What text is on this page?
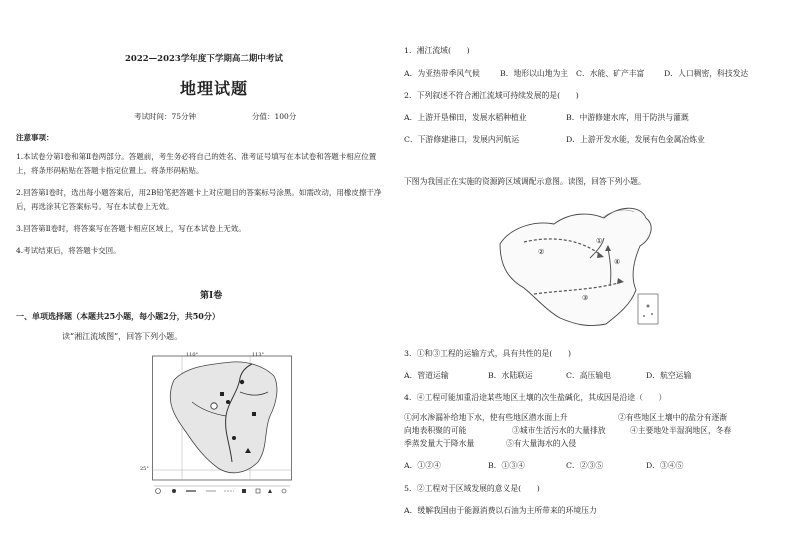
2022—2023学年度下学期高二期中考试
地理试题
考试时间：75分钟	分值：100分
注意事项：
1.本试卷分第Ⅰ卷和第Ⅱ卷两部分。答题前，考生务必将自己的姓名、准考证号填写在本试卷和答题卡相应位置上，将条形码粘贴在答题卡指定位置上。将条形码粘贴。
2.回答第Ⅰ卷时，选出每小题答案后，用2B铅笔把答题卡上对应题目的答案标号涂黑。如需改动，用橡皮擦干净后，再选涂其它答案标号。写在本试卷上无效。
3.回答第Ⅱ卷时，将答案写在答题卡相应区域上，写在本试卷上无效。
4.考试结束后，将答题卡交回。
第Ⅰ卷
一、单项选择题（本题共25小题，每小题2分，共50分）
读“湘江流域图”，回答下列小题。
110°	113°
25°
1．湘江流域(　　)
A．为亚热带季风气候	B．地形以山地为主 C．水能、矿产丰富	D．人口稠密，科技发达
2．下列叙述不符合湘江流域可持续发展的是(　　)
A．上游开垦梯田，发展水稻种植业	B．中游修建水库，用于防洪与灌溉
C．下游修建港口，发展内河航运	D．上游开发水能，发展有色金属冶炼业
下图为我国正在实施的资源跨区域调配示意图。读图，回答下列小题。
①
②
③
④
3．①和③工程的运输方式，具有共性的是(　　)
A．管道运输	B．水陆联运	C．高压输电	D．航空运输
4．④工程可能加重沿途某些地区土壤的次生盐碱化，其成因是沿途（　　）
①河水渗漏补给地下水，使有些地区潜水面上升	②有些地区土壤中的盐分有逐渐
向地表积聚的可能	③城市生活污水的大量排放	④主要地处半湿润地区，冬春
季蒸发量大于降水量	⑤有大量海水的入侵
A．①②④	B．①③④	C．②③⑤	D．③④⑤
5．②工程对于区域发展的意义是(　　)
A．缓解我国由于能源消费以石油为主所带来的环境压力
